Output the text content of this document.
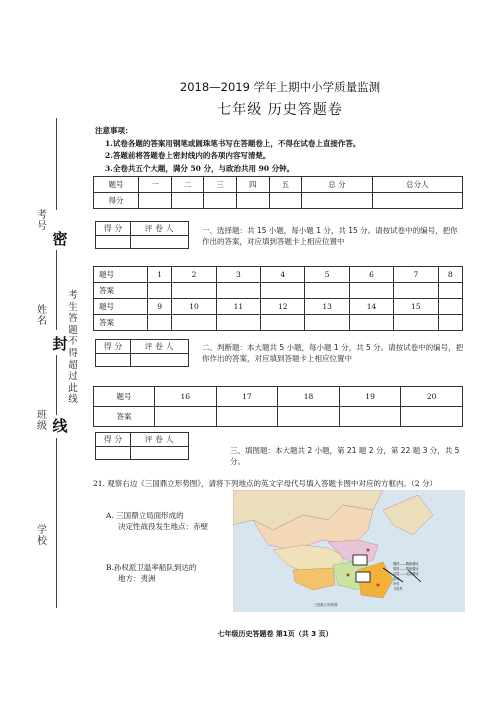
考号
密
姓名
封
班级 线
学校
考生答题不得超过此线
2018—2019 学年上期中小学质量监测
七年级 历史答题卷
注意事项：
1.试卷各题的答案用钢笔或圆珠笔书写在答题卷上，不得在试卷上直接作答。
2.答题前将答题卷上密封线内的各项内容写清楚。
3.全卷共五个大题，满分 50 分，与政治共用 90 分钟。
题号	一	二	三	四	五	总 分	总分人
得分							
得 分	评 卷 人	一、选择题：共 15 小题，每小题 1 分，共 15 分。请按试卷中的编号，把你作出的答案，对应填到答题卡上相应位置中
题号	1	2	3	4	5	6	7	8
答案								
题号	9	10	11	12	13	14	15	
答案								
得 分	评 卷 人	二、判断题：本大题共 5 小题，每小题 1 分，共 5 分。请按试卷中的编号，把你作出的答案，对应填到答题卡上相应位置中
题号	16	17	18	19	20
答案					
得 分	评 卷 人
三、填图题：本大题共 2 小题，第 21 题 2 分，第 22 题 3 分，共 5 分。
21. 观察右边《三国鼎立形势图》，请将下列地点的英文字母代号填入答题卡图中对应的方框内。（2 分）
A. 三国鼎立局面形成的
决定性战役发生地点：赤壁
B.孙权派卫温率船队到达的
地方：夷洲
魏国——魏朝疆域
蜀国——蜀朝疆域
吴国——吴国疆域
都城
州界
今国界
三国鼎立形势图
七年级历史答题卷 第1页（共 3 页）
